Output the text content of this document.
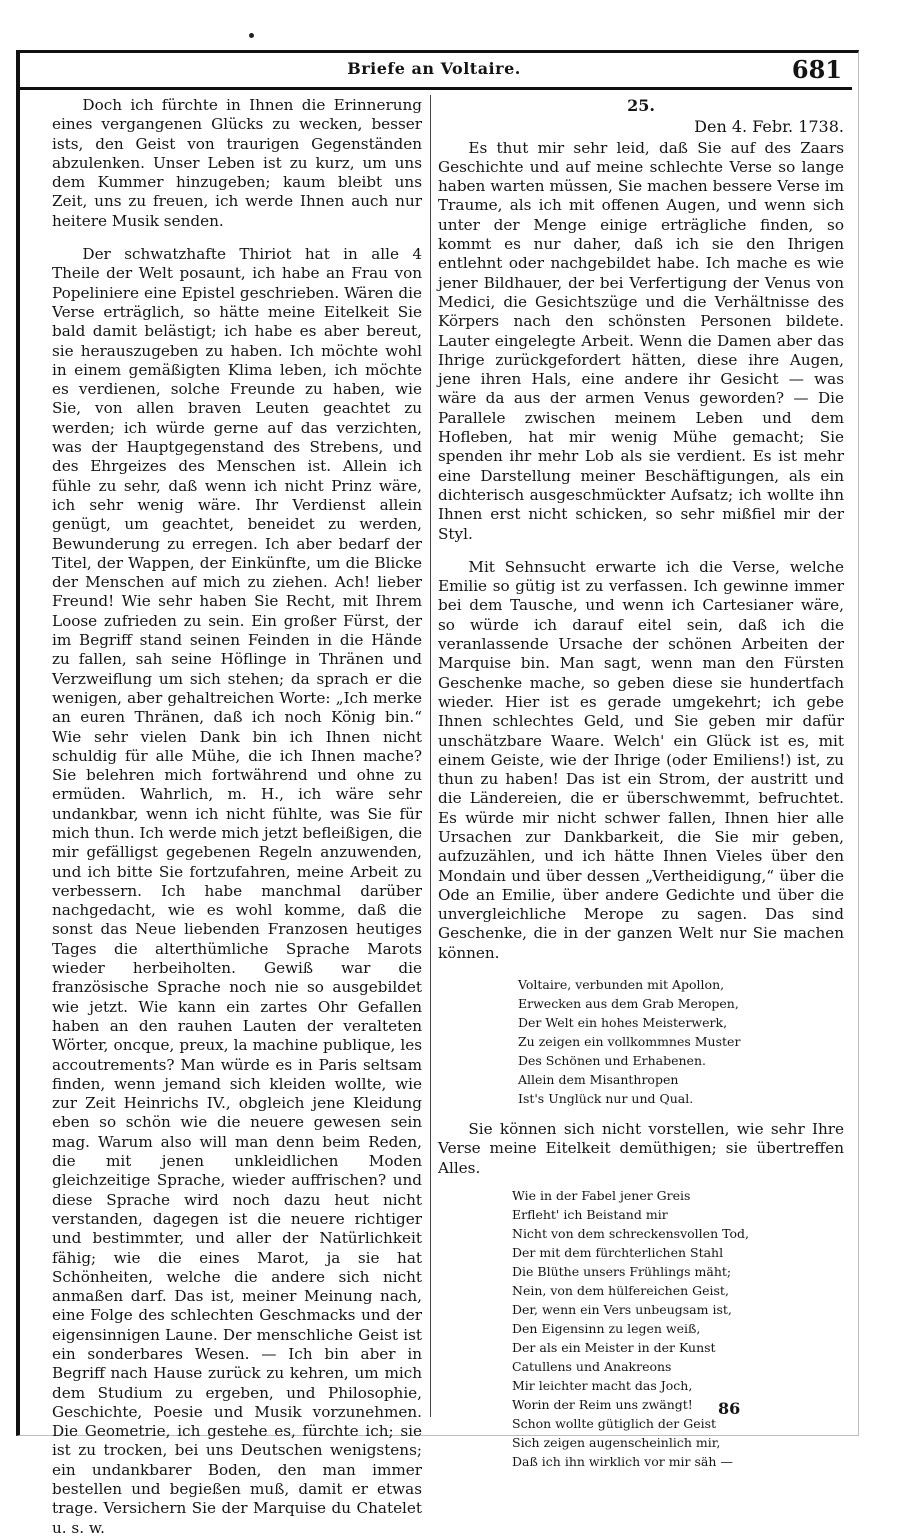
Briefe an Voltaire.	681

Doch ich fürchte in Ihnen die Erinnerung eines vergangenen Glücks zu wecken, besser ists, den Geist von traurigen Gegenständen abzulenken. Unser Leben ist zu kurz, um uns dem Kummer hinzugeben; kaum bleibt uns Zeit, uns zu freuen, ich werde Ihnen auch nur heitere Musik senden.

Der schwatzhafte Thiriot hat in alle 4 Theile der Welt posaunt, ich habe an Frau von Popeliniere eine Epistel geschrieben. Wären die Verse erträglich, so hätte meine Eitelkeit Sie bald damit belästigt; ich habe es aber bereut, sie herauszugeben zu haben. Ich möchte wohl in einem gemäßigten Klima leben, ich möchte es verdienen, solche Freunde zu haben, wie Sie, von allen braven Leuten geachtet zu werden; ich würde gerne auf das verzichten, was der Hauptgegenstand des Strebens, und des Ehrgeizes des Menschen ist. Allein ich fühle zu sehr, daß wenn ich nicht Prinz wäre, ich sehr wenig wäre. Ihr Verdienst allein genügt, um geachtet, beneidet zu werden, Bewunderung zu erregen. Ich aber bedarf der Titel, der Wappen, der Einkünfte, um die Blicke der Menschen auf mich zu ziehen. Ach! lieber Freund! Wie sehr haben Sie Recht, mit Ihrem Loose zufrieden zu sein. Ein großer Fürst, der im Begriff stand seinen Feinden in die Hände zu fallen, sah seine Höflinge in Thränen und Verzweiflung um sich stehen; da sprach er die wenigen, aber gehaltreichen Worte: „Ich merke an euren Thränen, daß ich noch König bin.“ Wie sehr vielen Dank bin ich Ihnen nicht schuldig für alle Mühe, die ich Ihnen mache? Sie belehren mich fortwährend und ohne zu ermüden. Wahrlich, m. H., ich wäre sehr undankbar, wenn ich nicht fühlte, was Sie für mich thun. Ich werde mich jetzt befleißigen, die mir gefälligst gegebenen Regeln anzuwenden, und ich bitte Sie fortzufahren, meine Arbeit zu verbessern. Ich habe manchmal darüber nachgedacht, wie es wohl komme, daß die sonst das Neue liebenden Franzosen heutiges Tages die alterthümliche Sprache Marots wieder herbeiholten. Gewiß war die französische Sprache noch nie so ausgebildet wie jetzt. Wie kann ein zartes Ohr Gefallen haben an den rauhen Lauten der veralteten Wörter, oncque, preux, la machine publique, les accoutrements? Man würde es in Paris seltsam finden, wenn jemand sich kleiden wollte, wie zur Zeit Heinrichs IV., obgleich jene Kleidung eben so schön wie die neuere gewesen sein mag. Warum also will man denn beim Reden, die mit jenen unkleidlichen Moden gleichzeitige Sprache, wieder auffrischen? und diese Sprache wird noch dazu heut nicht verstanden, dagegen ist die neuere richtiger und bestimmter, und aller der Natürlichkeit fähig; wie die eines Marot, ja sie hat Schönheiten, welche die andere sich nicht anmaßen darf. Das ist, meiner Meinung nach, eine Folge des schlechten Geschmacks und der eigensinnigen Laune. Der menschliche Geist ist ein sonderbares Wesen. — Ich bin aber in Begriff nach Hause zurück zu kehren, um mich dem Studium zu ergeben, und Philosophie, Geschichte, Poesie und Musik vorzunehmen. Die Geometrie, ich gestehe es, fürchte ich; sie ist zu trocken, bei uns Deutschen wenigstens; ein undankbarer Boden, den man immer bestellen und begießen muß, damit er etwas trage. Versichern Sie der Marquise du Chatelet u. s. w.

25.

Den 4. Febr. 1738.

Es thut mir sehr leid, daß Sie auf des Zaars Geschichte und auf meine schlechte Verse so lange haben warten müssen, Sie machen bessere Verse im Traume, als ich mit offenen Augen, und wenn sich unter der Menge einige erträgliche finden, so kommt es nur daher, daß ich sie den Ihrigen entlehnt oder nachgebildet habe. Ich mache es wie jener Bildhauer, der bei Verfertigung der Venus von Medici, die Gesichtszüge und die Verhältnisse des Körpers nach den schönsten Personen bildete. Lauter eingelegte Arbeit. Wenn die Damen aber das Ihrige zurückgefordert hätten, diese ihre Augen, jene ihren Hals, eine andere ihr Gesicht — was wäre da aus der armen Venus geworden? — Die Parallele zwischen meinem Leben und dem Hofleben, hat mir wenig Mühe gemacht; Sie spenden ihr mehr Lob als sie verdient. Es ist mehr eine Darstellung meiner Beschäftigungen, als ein dichterisch ausgeschmückter Aufsatz; ich wollte ihn Ihnen erst nicht schicken, so sehr mißfiel mir der Styl.

Mit Sehnsucht erwarte ich die Verse, welche Emilie so gütig ist zu verfassen. Ich gewinne immer bei dem Tausche, und wenn ich Cartesianer wäre, so würde ich darauf eitel sein, daß ich die veranlassende Ursache der schönen Arbeiten der Marquise bin. Man sagt, wenn man den Fürsten Geschenke mache, so geben diese sie hundertfach wieder. Hier ist es gerade umgekehrt; ich gebe Ihnen schlechtes Geld, und Sie geben mir dafür unschätzbare Waare. Welch' ein Glück ist es, mit einem Geiste, wie der Ihrige (oder Emiliens!) ist, zu thun zu haben! Das ist ein Strom, der austritt und die Ländereien, die er überschwemmt, befruchtet. Es würde mir nicht schwer fallen, Ihnen hier alle Ursachen zur Dankbarkeit, die Sie mir geben, aufzuzählen, und ich hätte Ihnen Vieles über den Mondain und über dessen „Vertheidigung,“ über die Ode an Emilie, über andere Gedichte und über die unvergleichliche Merope zu sagen. Das sind Geschenke, die in der ganzen Welt nur Sie machen können.

Voltaire, verbunden mit Apollon,
Erwecken aus dem Grab Meropen,
Der Welt ein hohes Meisterwerk,
Zu zeigen ein vollkommnes Muster
Des Schönen und Erhabenen.
Allein dem Misanthropen
Ist's Unglück nur und Qual.

Sie können sich nicht vorstellen, wie sehr Ihre Verse meine Eitelkeit demüthigen; sie übertreffen Alles.

Wie in der Fabel jener Greis
Erfleht' ich Beistand mir
Nicht von dem schreckensvollen Tod,
Der mit dem fürchterlichen Stahl
Die Blüthe unsers Frühlings mäht;
Nein, von dem hülfereichen Geist,
Der, wenn ein Vers unbeugsam ist,
Den Eigensinn zu legen weiß,
Der als ein Meister in der Kunst
Catullens und Anakreons
Mir leichter macht das Joch,
Worin der Reim uns zwängt!
Schon wollte gütiglich der Geist
Sich zeigen augenscheinlich mir,
Daß ich ihn wirklich vor mir säh —
86
